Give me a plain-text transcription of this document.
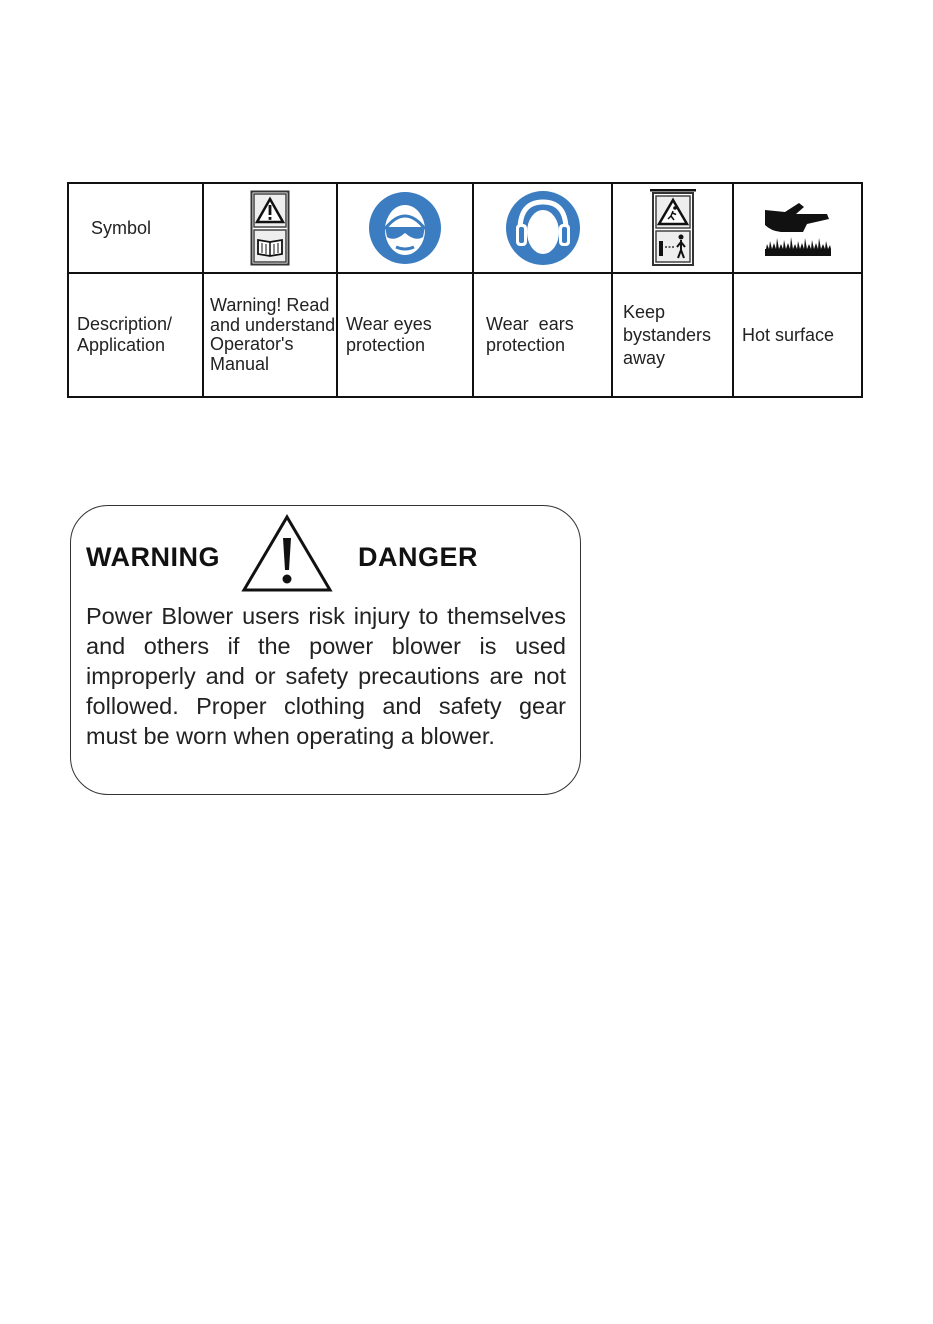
Symbol					
Description/ Application	Warning! Read and understand Operator's Manual	Wear eyes protection	Wear  ears protection	Keep bystanders away	Hot surface
WARNING	DANGER
Power Blower users risk injury to themselves and others if the power blower is used improperly and or safety precautions are not followed. Proper clothing and safety gear must be worn when operating a blower.
